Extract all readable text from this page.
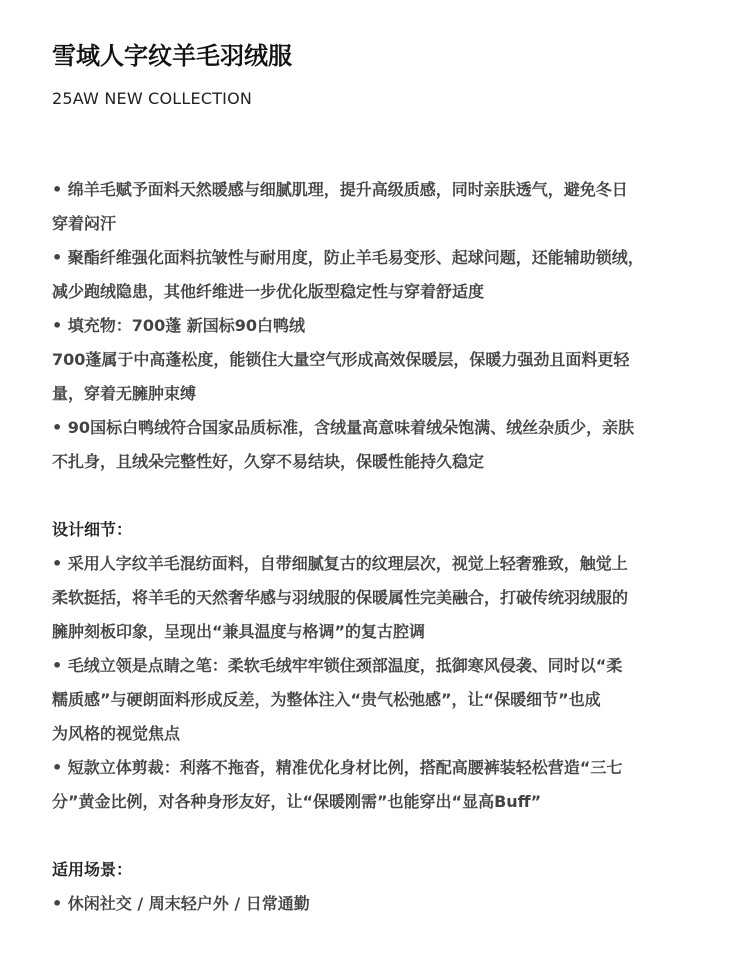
雪域人字纹羊毛羽绒服
25AW NEW COLLECTION
• 绵羊毛赋予面料天然暖感与细腻肌理，提升高级质感，同时亲肤透气，避免冬日
穿着闷汗
• 聚酯纤维强化面料抗皱性与耐用度，防止羊毛易变形、起球问题，还能辅助锁绒，
减少跑绒隐患，其他纤维进一步优化版型稳定性与穿着舒适度
• 填充物：700蓬 新国标90白鸭绒
700蓬属于中高蓬松度，能锁住大量空气形成高效保暖层，保暖力强劲且面料更轻
量，穿着无臃肿束缚
• 90国标白鸭绒符合国家品质标准，含绒量高意味着绒朵饱满、绒丝杂质少，亲肤
不扎身，且绒朵完整性好，久穿不易结块，保暖性能持久稳定
设计细节：
• 采用人字纹羊毛混纺面料，自带细腻复古的纹理层次，视觉上轻奢雅致，触觉上
柔软挺括，将羊毛的天然奢华感与羽绒服的保暖属性完美融合，打破传统羽绒服的
臃肿刻板印象，呈现出“兼具温度与格调”的复古腔调
• 毛绒立领是点睛之笔：柔软毛绒牢牢锁住颈部温度，抵御寒风侵袭、同时以“柔
糯质感”与硬朗面料形成反差，为整体注入“贵气松弛感”，让“保暖细节”也成
为风格的视觉焦点
• 短款立体剪裁：利落不拖沓，精准优化身材比例，搭配高腰裤装轻松营造“三七
分”黄金比例，对各种身形友好，让“保暖刚需”也能穿出“显高Buff”
适用场景：
• 休闲社交 / 周末轻户外 / 日常通勤
